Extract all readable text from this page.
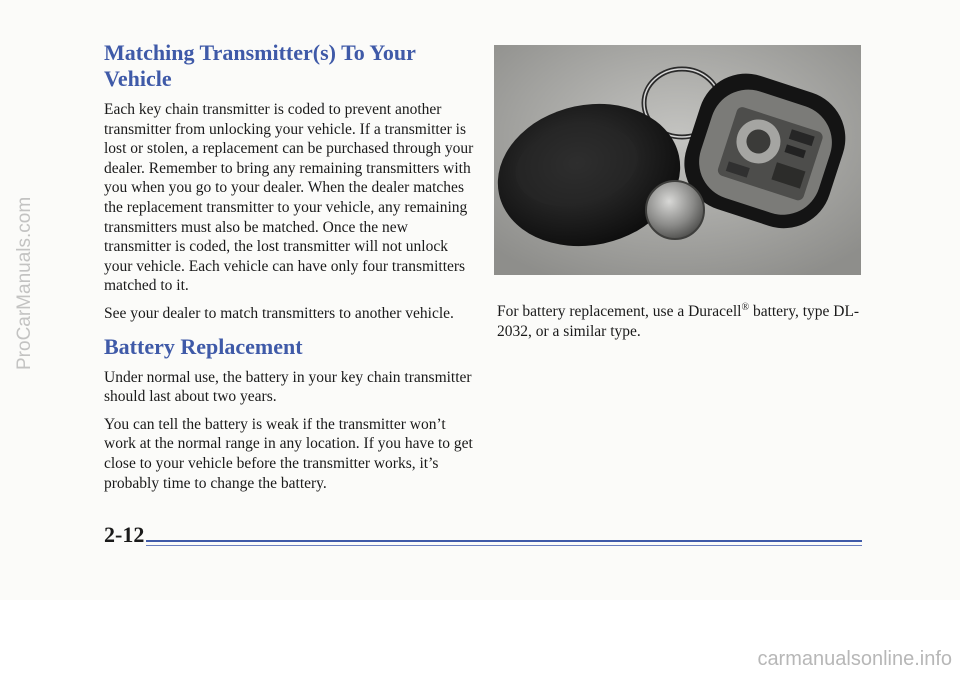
Matching Transmitter(s) To Your Vehicle

Each key chain transmitter is coded to prevent another transmitter from unlocking your vehicle. If a transmitter is lost or stolen, a replacement can be purchased through your dealer. Remember to bring any remaining transmitters with you when you go to your dealer. When the dealer matches the replacement transmitter to your vehicle, any remaining transmitters must also be matched. Once the new transmitter is coded, the lost transmitter will not unlock your vehicle. Each vehicle can have only four transmitters matched to it.

See your dealer to match transmitters to another vehicle.

Battery Replacement

Under normal use, the battery in your key chain transmitter should last about two years.

You can tell the battery is weak if the transmitter won’t work at the normal range in any location. If you have to get close to your vehicle before the transmitter works, it’s probably time to change the battery.

For battery replacement, use a Duracell® battery, type DL-2032, or a similar type.
2-12
ProCarManuals.com
carmanualsonline.info
